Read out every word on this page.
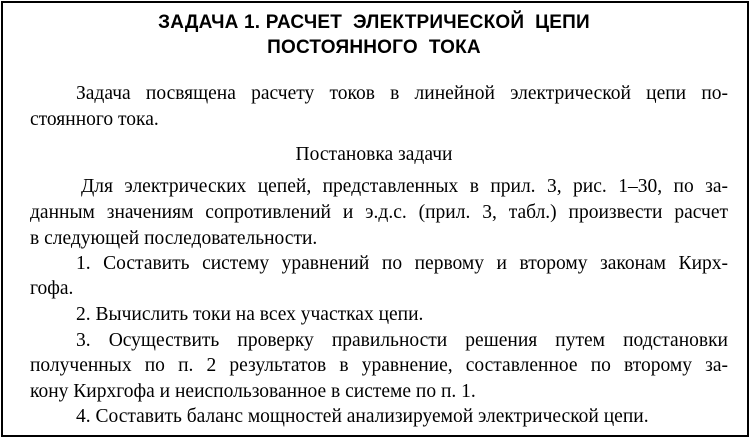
ЗАДАЧА 1. РАСЧЕТ  ЭЛЕКТРИЧЕСКОЙ  ЦЕПИ
ПОСТОЯННОГО  ТОКА
Задача посвящена расчету токов в линейной электрической цепи по-
стоянного тока.
Постановка задачи
Для электрических цепей, представленных в прил. 3, рис. 1–30, по за-
данным значениям сопротивлений и э.д.с. (прил. 3, табл.) произвести расчет
в следующей последовательности.
1. Составить систему уравнений по первому и второму законам Кирх-
гофа.
2. Вычислить токи на всех участках цепи.
3. Осуществить проверку правильности решения путем подстановки
полученных по п. 2 результатов в уравнение, составленное по второму за-
кону Кирхгофа и неиспользованное в системе по п. 1.
4. Составить баланс мощностей анализируемой электрической цепи.
